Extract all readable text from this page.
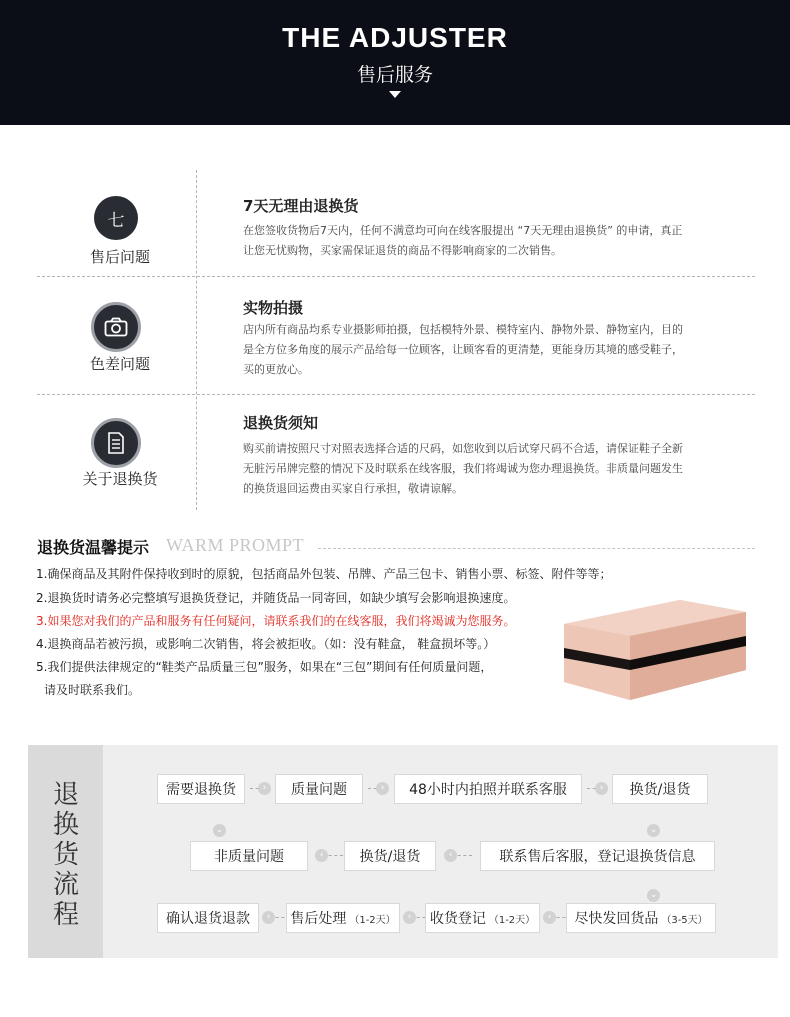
THE ADJUSTER
售后服务
七
售后问题
7天无理由退换货
在您签收货物后7天内，任何不满意均可向在线客服提出 “7天无理由退换货” 的申请，真正
让您无忧购物，买家需保证退货的商品不得影响商家的二次销售。
色差问题
实物拍摄
店内所有商品均系专业摄影师拍摄，包括模特外景、模特室内、静物外景、静物室内，目的
是全方位多角度的展示产品给每一位顾客，让顾客看的更清楚，更能身历其境的感受鞋子，
买的更放心。
关于退换货
退换货须知
购买前请按照尺寸对照表选择合适的尺码，如您收到以后试穿尺码不合适，请保证鞋子全新
无脏污吊牌完整的情况下及时联系在线客服，我们将竭诚为您办理退换货。非质量问题发生
的换货退回运费由买家自行承担，敬请谅解。
退换货温馨提示 WARM PROMPT
1.确保商品及其附件保持收到时的原貌，包括商品外包装、吊牌、产品三包卡、销售小票、标签、附件等等；
2.退换货时请务必完整填写退换货登记，并随货品一同寄回，如缺少填写会影响退换速度。
3.如果您对我们的产品和服务有任何疑问，请联系我们的在线客服，我们将竭诚为您服务。
4.退换商品若被污损，或影响二次销售，将会被拒收。（如：没有鞋盒， 鞋盒损坏等。）
5.我们提供法律规定的“鞋类产品质量三包”服务，如果在“三包”期间有任何质量问题，
请及时联系我们。
退
换
货
流
程
需要退换货	›	质量问题	›	48小时内拍照并联系客服	›	换货/退货
⌄	⌄
非质量问题	‹	换货/退货	‹	联系售后客服，登记退换货信息
⌄
确认退货退款	‹	售后处理 （1-2天）	‹	收货登记 （1-2天）	‹	尽快发回货品 （3-5天）
